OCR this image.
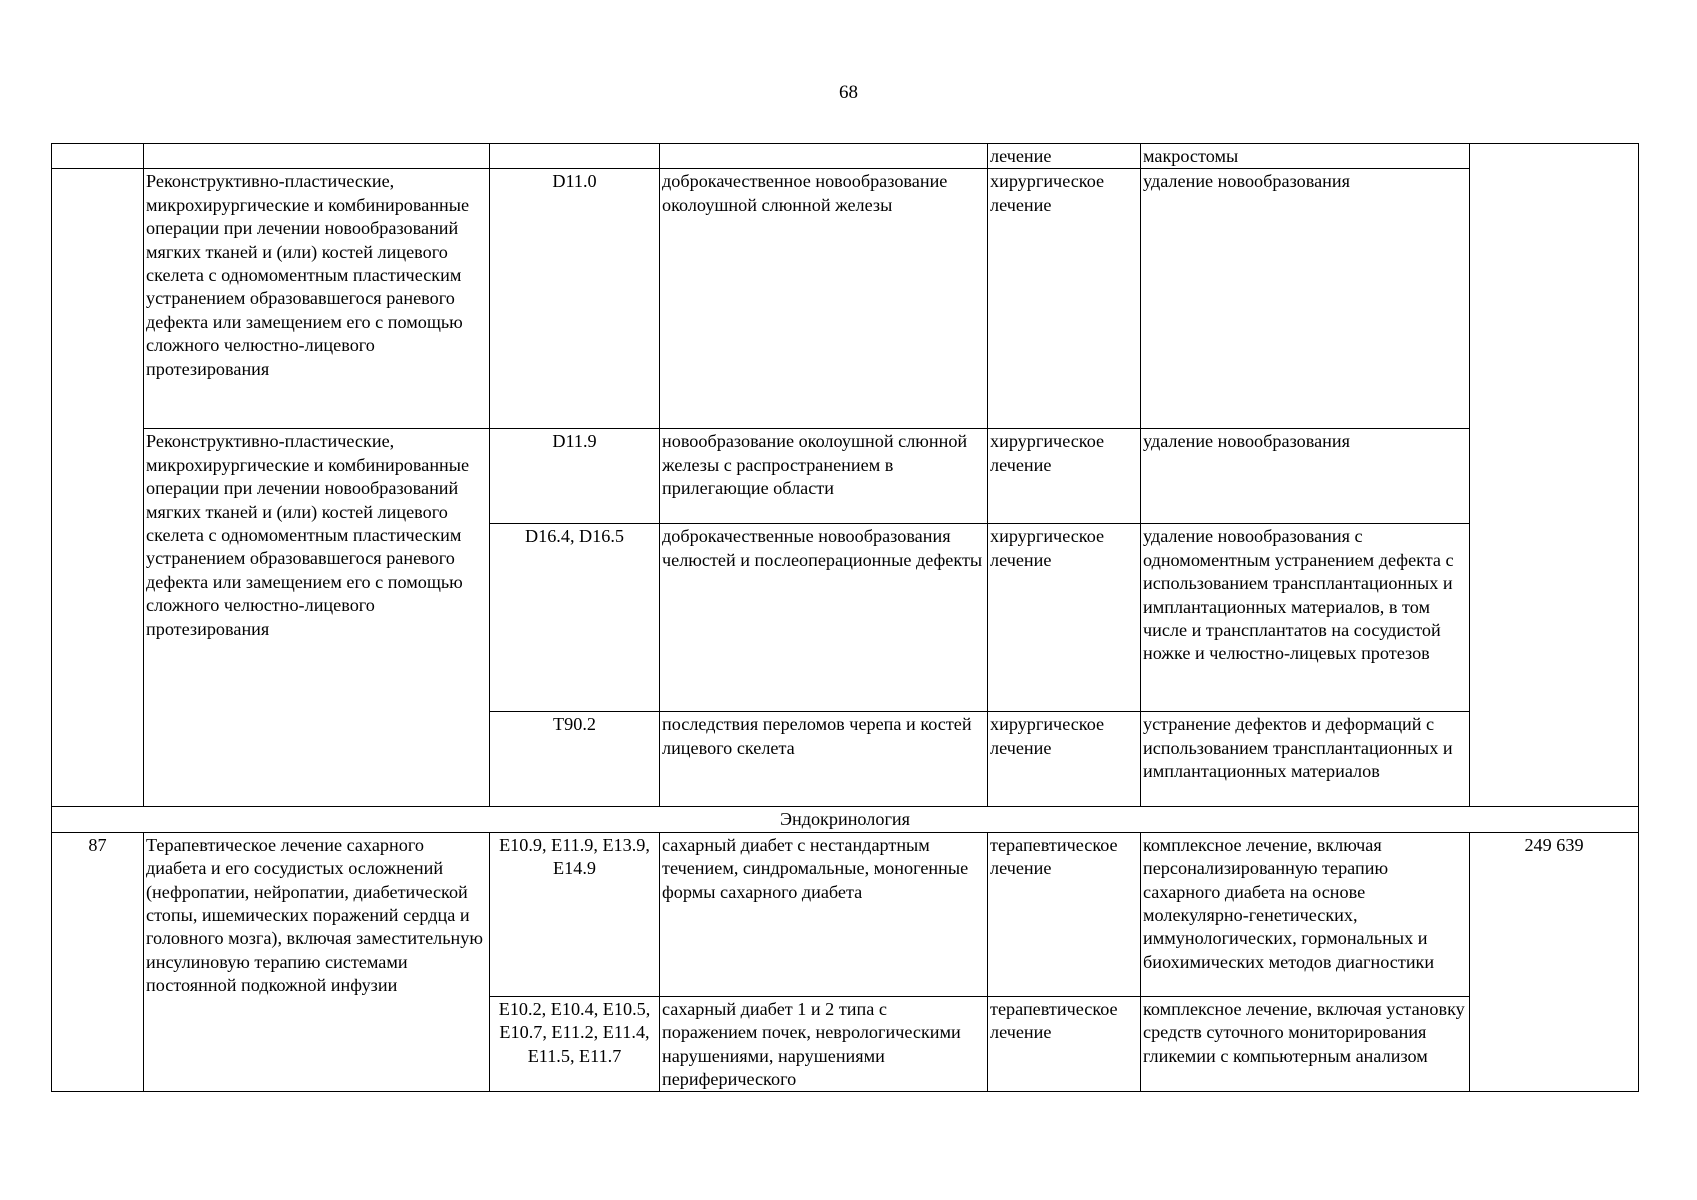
68
				лечение	макростомы	
	Реконструктивно-пластические, микрохирургические и комбинированные операции при лечении новообразований мягких тканей и (или) костей лицевого скелета с одномоментным пластическим устранением образовавшегося раневого дефекта или замещением его с помощью сложного челюстно-лицевого протезирования	D11.0	доброкачественное новообразование околоушной слюнной железы	хирургическое лечение	удаление новообразования	
	Реконструктивно-пластические, микрохирургические и комбинированные операции при лечении новообразований мягких тканей и (или) костей лицевого скелета с одномоментным пластическим устранением образовавшегося раневого дефекта или замещением его с помощью сложного челюстно-лицевого протезирования	D11.9	новообразование околоушной слюнной железы с распространением в прилегающие области	хирургическое лечение	удаление новообразования	
		D16.4, D16.5	доброкачественные новообразования челюстей и послеоперационные дефекты	хирургическое лечение	удаление новообразования с одномоментным устранением дефекта с использованием трансплантационных и имплантационных материалов, в том числе и трансплантатов на сосудистой ножке и челюстно-лицевых протезов	
		T90.2	последствия переломов черепа и костей лицевого скелета	хирургическое лечение	устранение дефектов и деформаций с использованием трансплантационных и имплантационных материалов	
Эндокринология						
87	Терапевтическое лечение сахарного диабета и его сосудистых осложнений (нефропатии, нейропатии, диабетической стопы, ишемических поражений сердца и головного мозга), включая заместительную инсулиновую терапию системами постоянной подкожной инфузии	E10.9, E11.9, E13.9, E14.9	сахарный диабет с нестандартным течением, синдромальные, моногенные формы сахарного диабета	терапевтическое лечение	комплексное лечение, включая персонализированную терапию сахарного диабета на основе молекулярно-генетических, иммунологических, гормональных и биохимических методов диагностики	249 639
		E10.2, E10.4, E10.5, E10.7, E11.2, E11.4, E11.5, E11.7	сахарный диабет 1 и 2 типа с поражением почек, неврологическими нарушениями, нарушениями периферического	терапевтическое лечение	комплексное лечение, включая установку средств суточного мониторирования гликемии с компьютерным анализом	
